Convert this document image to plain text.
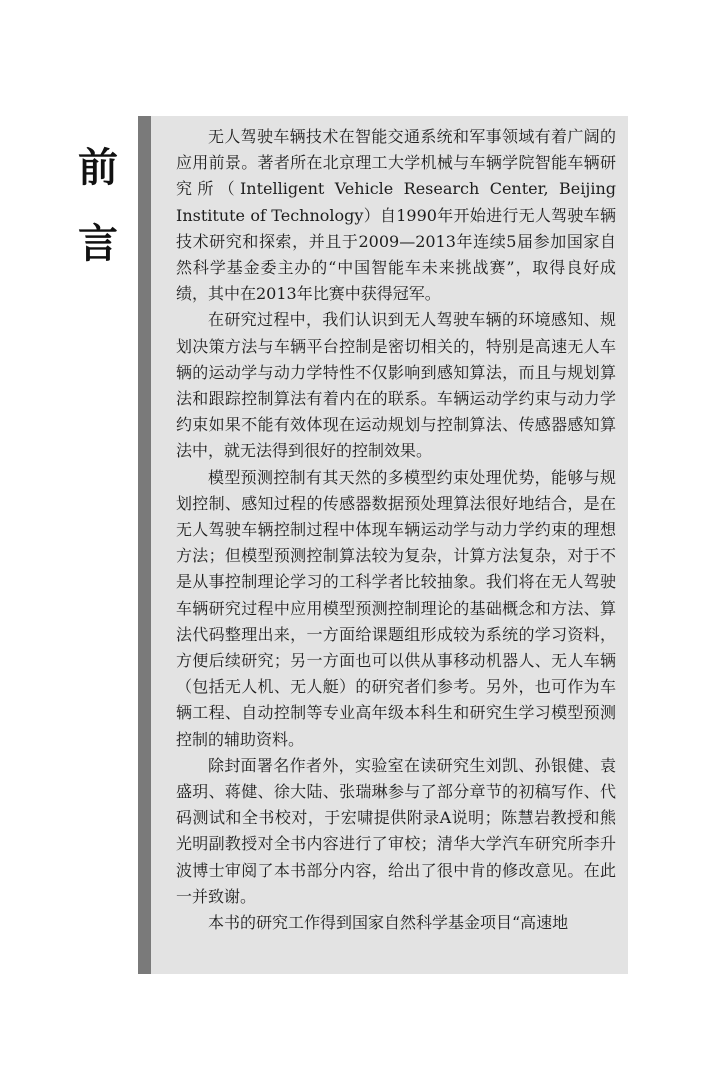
前
言

无人驾驶车辆技术在智能交通系统和军事领域有着广阔的应用前景。著者所在北京理工大学机械与车辆学院智能车辆研究所（Intelligent Vehicle Research Center, Beijing Institute of Technology）自1990年开始进行无人驾驶车辆技术研究和探索，并且于2009—2013年连续5届参加国家自然科学基金委主办的“中国智能车未来挑战赛”，取得良好成绩，其中在2013年比赛中获得冠军。

在研究过程中，我们认识到无人驾驶车辆的环境感知、规划决策方法与车辆平台控制是密切相关的，特别是高速无人车辆的运动学与动力学特性不仅影响到感知算法，而且与规划算法和跟踪控制算法有着内在的联系。车辆运动学约束与动力学约束如果不能有效体现在运动规划与控制算法、传感器感知算法中，就无法得到很好的控制效果。

模型预测控制有其天然的多模型约束处理优势，能够与规划控制、感知过程的传感器数据预处理算法很好地结合，是在无人驾驶车辆控制过程中体现车辆运动学与动力学约束的理想方法；但模型预测控制算法较为复杂，计算方法复杂，对于不是从事控制理论学习的工科学者比较抽象。我们将在无人驾驶车辆研究过程中应用模型预测控制理论的基础概念和方法、算法代码整理出来，一方面给课题组形成较为系统的学习资料，方便后续研究；另一方面也可以供从事移动机器人、无人车辆（包括无人机、无人艇）的研究者们参考。另外，也可作为车辆工程、自动控制等专业高年级本科生和研究生学习模型预测控制的辅助资料。

除封面署名作者外，实验室在读研究生刘凯、孙银健、袁盛玥、蒋健、徐大陆、张瑞琳参与了部分章节的初稿写作、代码测试和全书校对，于宏啸提供附录A说明；陈慧岩教授和熊光明副教授对全书内容进行了审校；清华大学汽车研究所李升波博士审阅了本书部分内容，给出了很中肯的修改意见。在此一并致谢。

本书的研究工作得到国家自然科学基金项目“高速地
